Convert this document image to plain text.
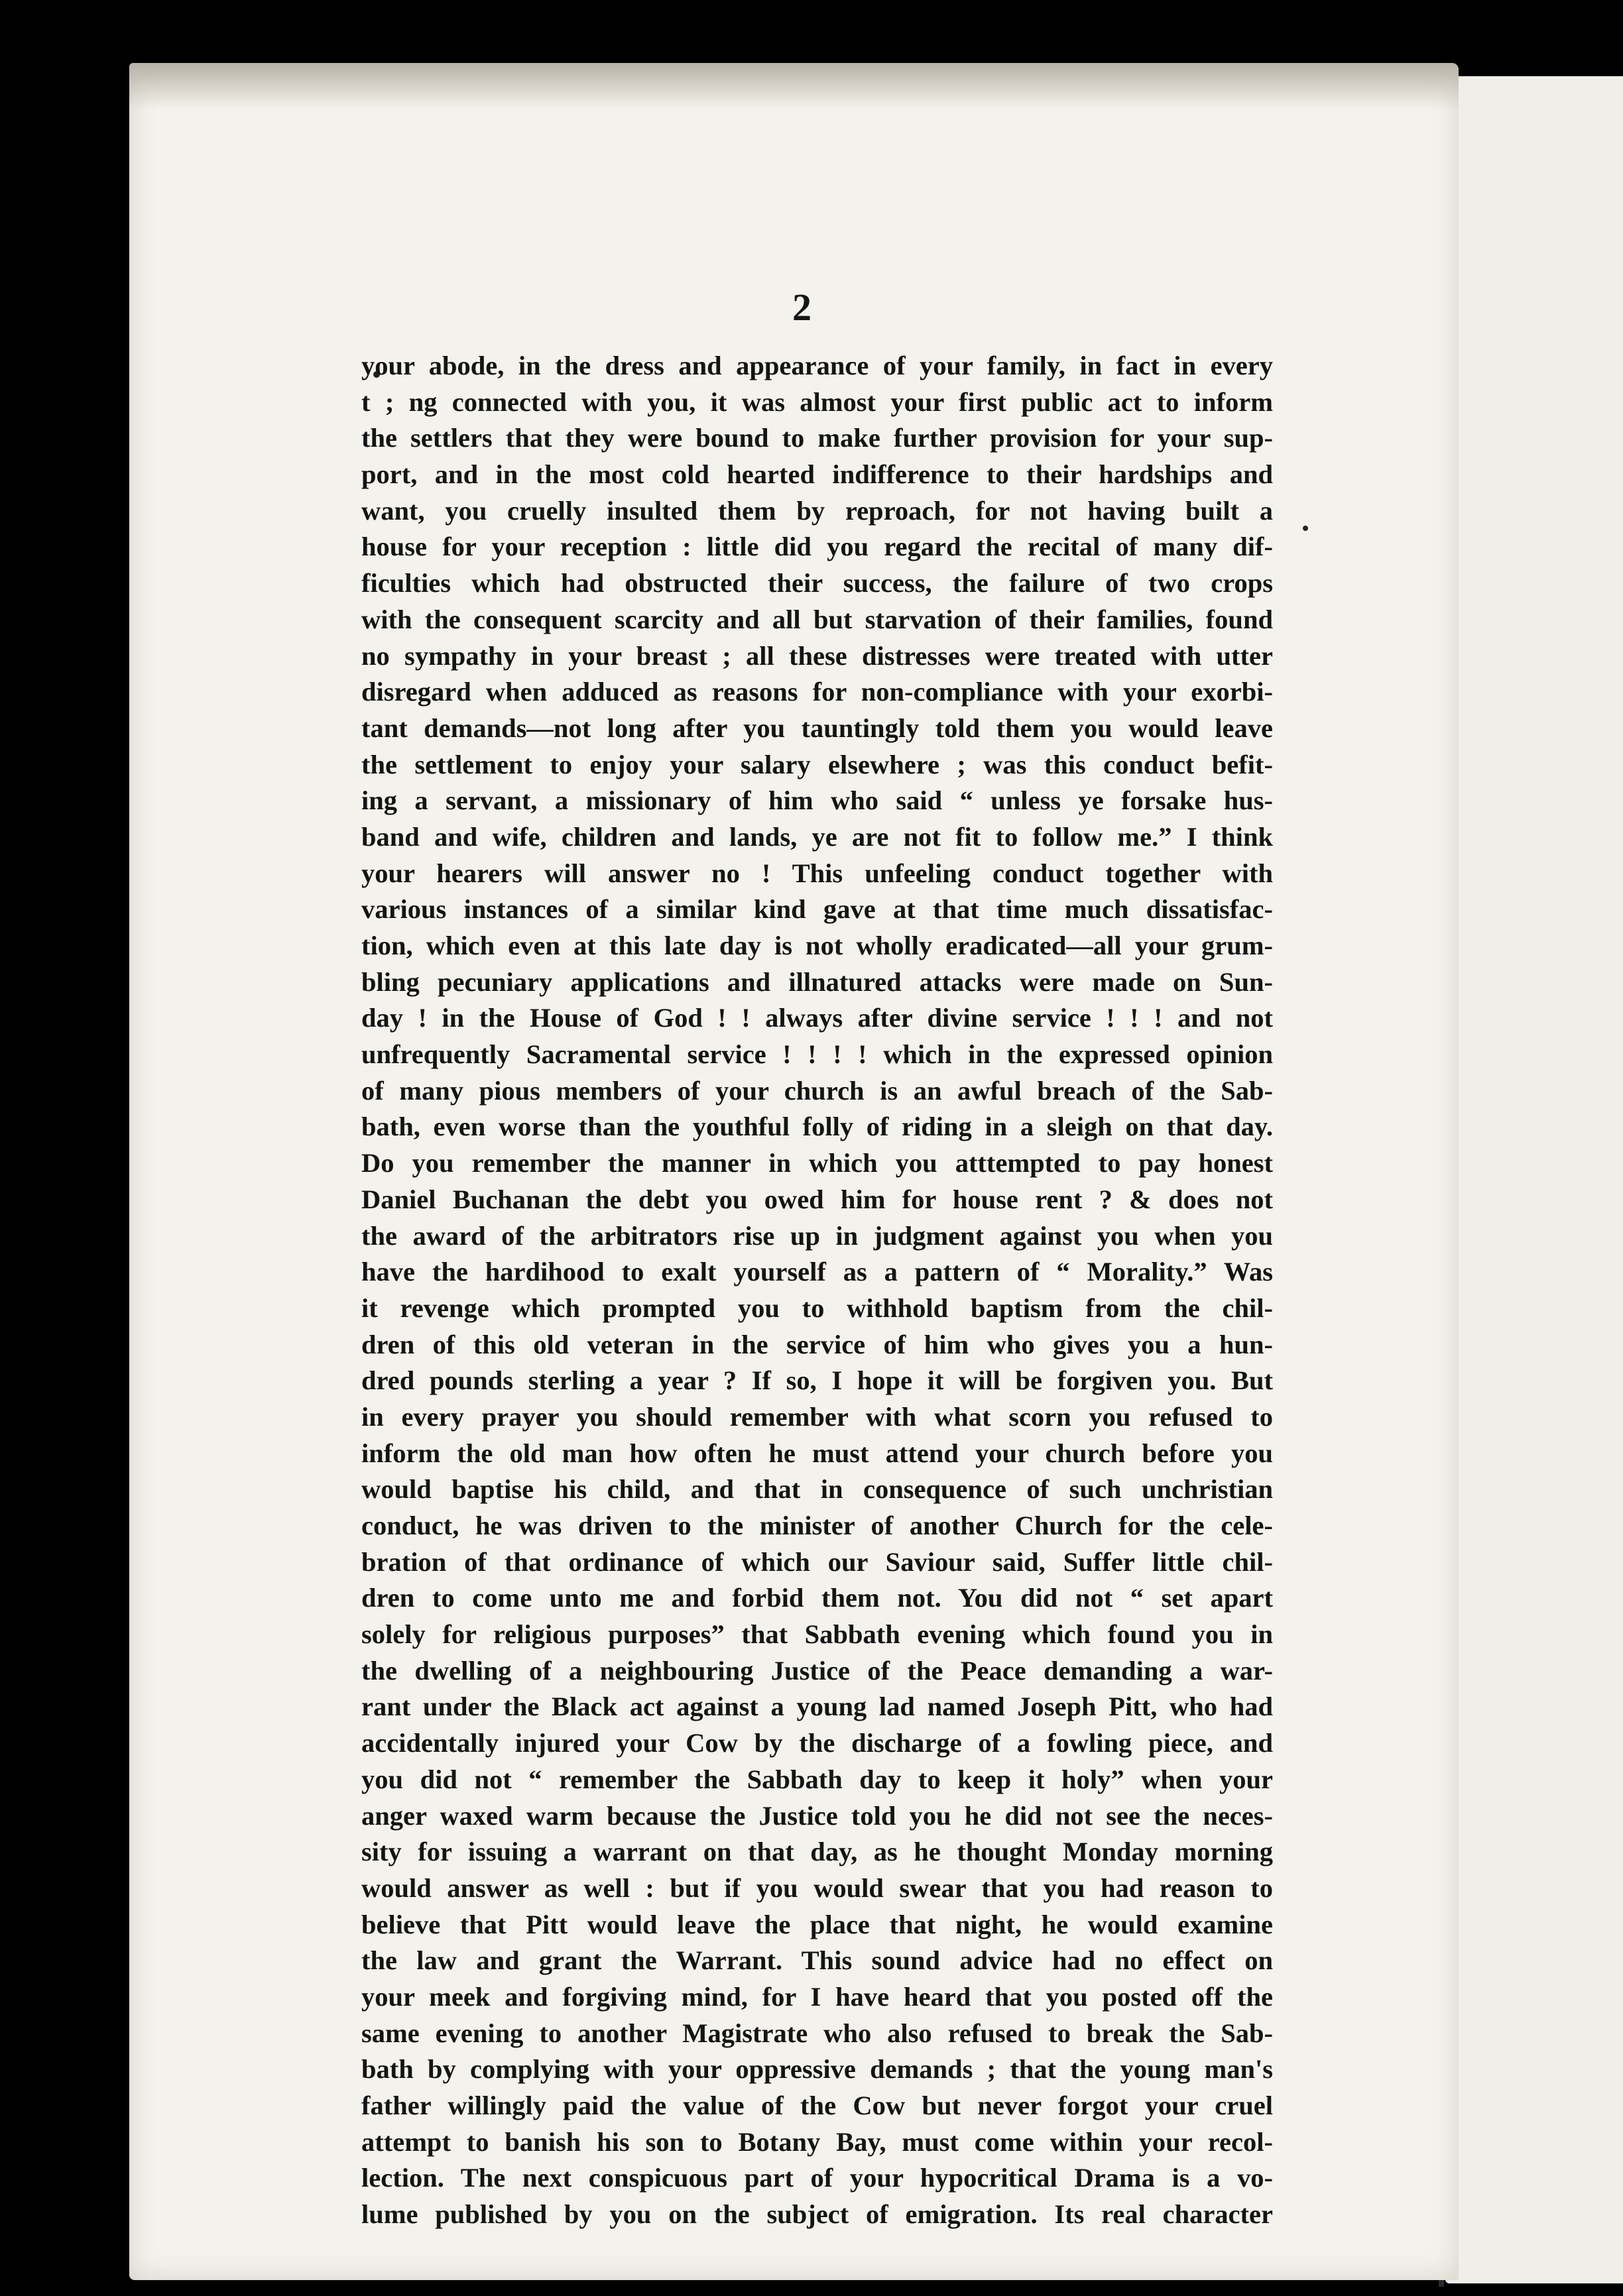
2
your abode, in the dress and appearance of your family, in fact in every
t ; ng connected with you, it was almost your first public act to inform
the settlers that they were bound to make further provision for your sup-
port, and in the most cold hearted indifference to their hardships and
want, you cruelly insulted them by reproach, for not having built a
house for your reception : little did you regard the recital of many dif-
ficulties which had obstructed their success, the failure of two crops
with the consequent scarcity and all but starvation of their families, found
no sympathy in your breast ; all these distresses were treated with utter
disregard when adduced as reasons for non-compliance with your exorbi-
tant demands—not long after you tauntingly told them you would leave
the settlement to enjoy your salary elsewhere ; was this conduct befit-
ing a servant, a missionary of him who said “ unless ye forsake hus-
band and wife, children and lands, ye are not fit to follow me.” I think
your hearers will answer no ! This unfeeling conduct together with
various instances of a similar kind gave at that time much dissatisfac-
tion, which even at this late day is not wholly eradicated—all your grum-
bling pecuniary applications and illnatured attacks were made on Sun-
day ! in the House of God ! ! always after divine service ! ! ! and not
unfrequently Sacramental service ! ! ! ! which in the expressed opinion
of many pious members of your church is an awful breach of the Sab-
bath, even worse than the youthful folly of riding in a sleigh on that day.
Do you remember the manner in which you atttempted to pay honest
Daniel Buchanan the debt you owed him for house rent ? & does not
the award of the arbitrators rise up in judgment against you when you
have the hardihood to exalt yourself as a pattern of “ Morality.” Was
it revenge which prompted you to withhold baptism from the chil-
dren of this old veteran in the service of him who gives you a hun-
dred pounds sterling a year ? If so, I hope it will be forgiven you. But
in every prayer you should remember with what scorn you refused to
inform the old man how often he must attend your church before you
would baptise his child, and that in consequence of such unchristian
conduct, he was driven to the minister of another Church for the cele-
bration of that ordinance of which our Saviour said, Suffer little chil-
dren to come unto me and forbid them not. You did not “ set apart
solely for religious purposes” that Sabbath evening which found you in
the dwelling of a neighbouring Justice of the Peace demanding a war-
rant under the Black act against a young lad named Joseph Pitt, who had
accidentally injured your Cow by the discharge of a fowling piece, and
you did not “ remember the Sabbath day to keep it holy” when your
anger waxed warm because the Justice told you he did not see the neces-
sity for issuing a warrant on that day, as he thought Monday morning
would answer as well : but if you would swear that you had reason to
believe that Pitt would leave the place that night, he would examine
the law and grant the Warrant. This sound advice had no effect on
your meek and forgiving mind, for I have heard that you posted off the
same evening to another Magistrate who also refused to break the Sab-
bath by complying with your oppressive demands ; that the young man's
father willingly paid the value of the Cow but never forgot your cruel
attempt to banish his son to Botany Bay, must come within your recol-
lection. The next conspicuous part of your hypocritical Drama is a vo-
lume published by you on the subject of emigration. Its real character
